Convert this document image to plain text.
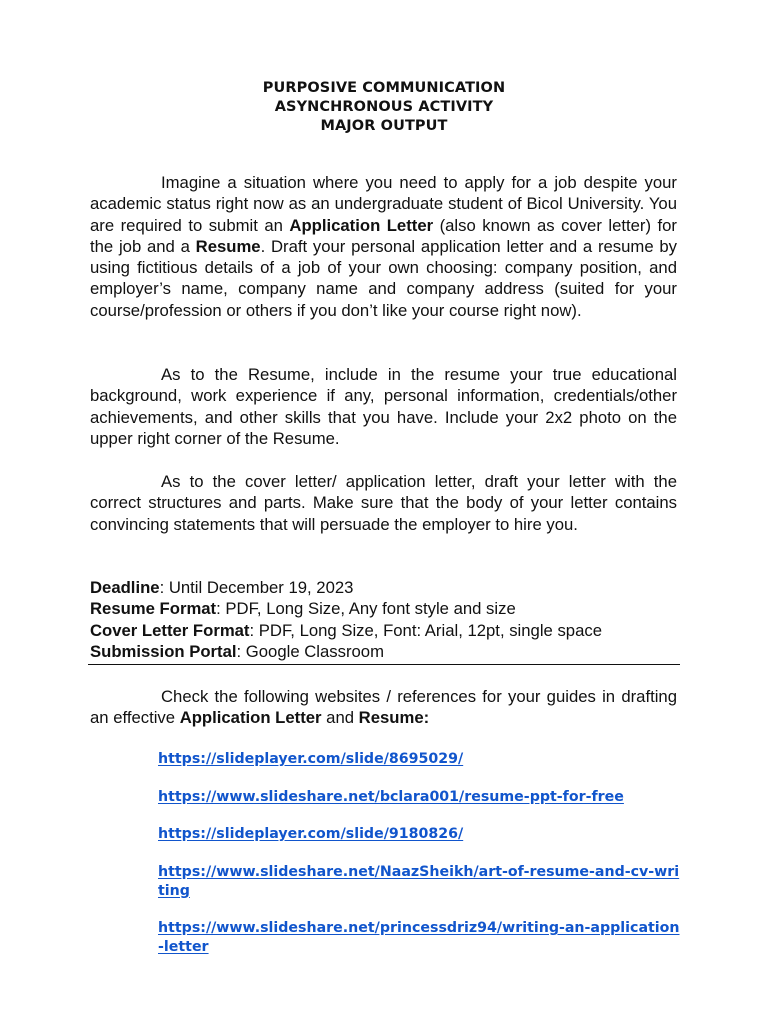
PURPOSIVE COMMUNICATION
ASYNCHRONOUS ACTIVITY
MAJOR OUTPUT
Imagine a situation where you need to apply for a job despite your academic status right now as an undergraduate student of Bicol University. You are required to submit an Application Letter (also known as cover letter) for the job and a Resume. Draft your personal application letter and a resume by using fictitious details of a job of your own choosing: company position, and employer’s name, company name and company address (suited for your course/profession or others if you don’t like your course right now).
As to the Resume, include in the resume your true educational background, work experience if any, personal information, credentials/other achievements, and other skills that you have. Include your 2x2 photo on the upper right corner of the Resume.
As to the cover letter/ application letter, draft your letter with the correct structures and parts. Make sure that the body of your letter contains convincing statements that will persuade the employer to hire you.
Deadline: Until December 19, 2023
Resume Format: PDF, Long Size, Any font style and size
Cover Letter Format: PDF, Long Size, Font: Arial, 12pt, single space
Submission Portal: Google Classroom
Check the following websites / references for your guides in drafting an effective Application Letter and Resume:
https://slideplayer.com/slide/8695029/
https://www.slideshare.net/bclara001/resume-ppt-for-free
https://slideplayer.com/slide/9180826/
https://www.slideshare.net/NaazSheikh/art-of-resume-and-cv-writing
https://www.slideshare.net/princessdriz94/writing-an-application-letter
